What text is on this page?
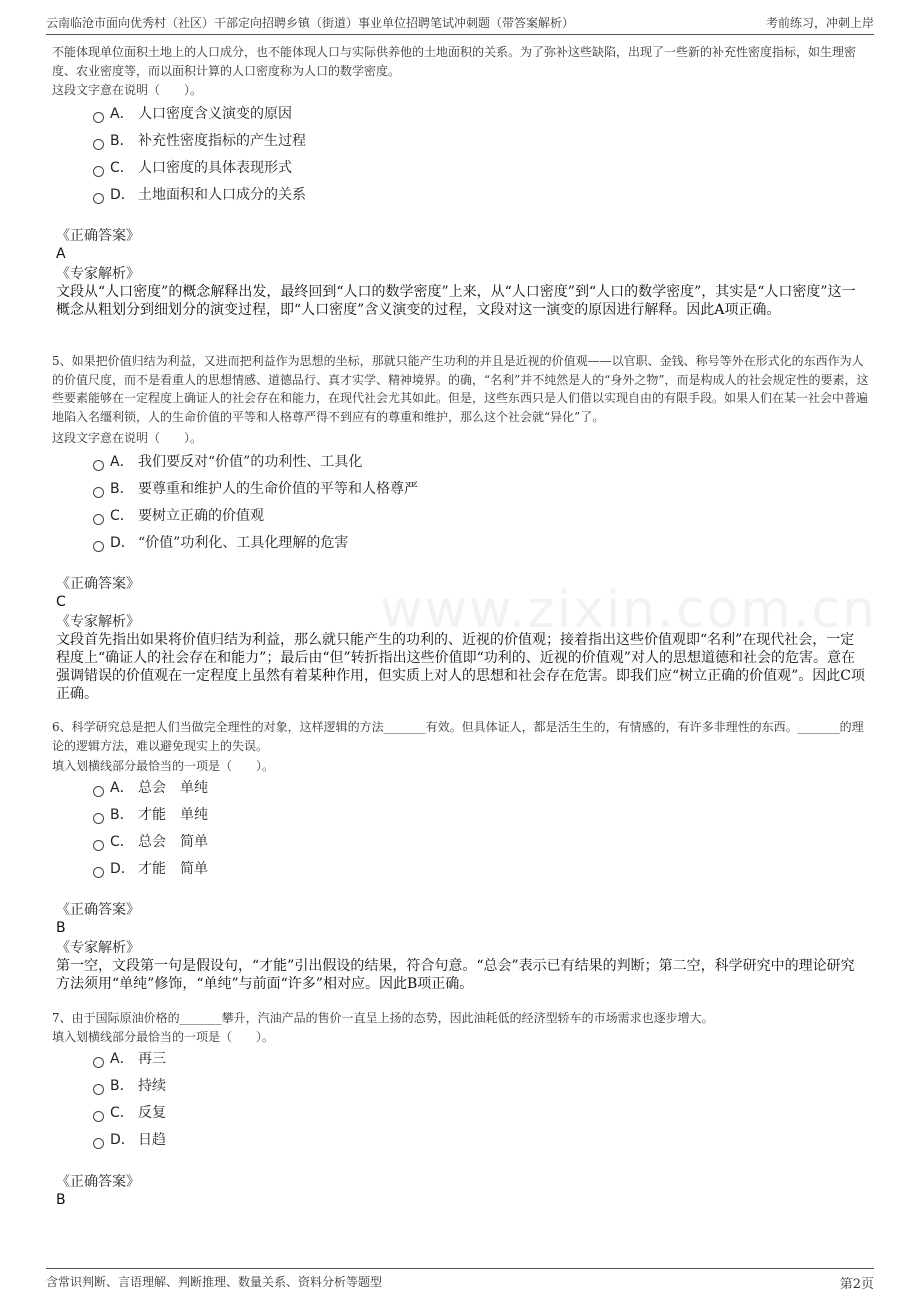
云南临沧市面向优秀村（社区）干部定向招聘乡镇（街道）事业单位招聘笔试冲刺题（带答案解析）	考前练习，冲刺上岸
www.zixin.com.cn
不能体现单位面积土地上的人口成分，也不能体现人口与实际供养他的土地面积的关系。为了弥补这些缺陷，出现了一些新的补充性密度指标，如生理密度、农业密度等，而以面积计算的人口密度称为人口的数学密度。
这段文字意在说明（　　）。
A． 人口密度含义演变的原因
B． 补充性密度指标的产生过程
C． 人口密度的具体表现形式
D． 土地面积和人口成分的关系
《正确答案》
A
《专家解析》
文段从“人口密度”的概念解释出发，最终回到“人口的数学密度”上来，从“人口密度”到“人口的数学密度”，其实是“人口密度”这一概念从粗划分到细划分的演变过程，即“人口密度”含义演变的过程，文段对这一演变的原因进行解释。因此A项正确。
5、如果把价值归结为利益，又进而把利益作为思想的坐标，那就只能产生功利的并且是近视的价值观——以官职、金钱、称号等外在形式化的东西作为人的价值尺度，而不是看重人的思想情感、道德品行、真才实学、精神境界。的确，“名利”并不纯然是人的“身外之物”，而是构成人的社会规定性的要素，这些要素能够在一定程度上确证人的社会存在和能力，在现代社会尤其如此。但是，这些东西只是人们借以实现自由的有限手段。如果人们在某一社会中普遍地陷入名缰利锁，人的生命价值的平等和人格尊严得不到应有的尊重和维护，那么这个社会就“异化”了。
这段文字意在说明（　　）。
A． 我们要反对“价值”的功利性、工具化
B． 要尊重和维护人的生命价值的平等和人格尊严
C． 要树立正确的价值观
D． “价值”功利化、工具化理解的危害
《正确答案》
C
《专家解析》
文段首先指出如果将价值归结为利益，那么就只能产生的功利的、近视的价值观；接着指出这些价值观即“名利”在现代社会，一定程度上“确证人的社会存在和能力”；最后由“但”转折指出这些价值即“功利的、近视的价值观”对人的思想道德和社会的危害。意在强调错误的价值观在一定程度上虽然有着某种作用，但实质上对人的思想和社会存在危害。即我们应“树立正确的价值观”。因此C项正确。
6、科学研究总是把人们当做完全理性的对象，这样逻辑的方法_______有效。但具体证人，都是活生生的，有情感的，有许多非理性的东西。_______的理论的逻辑方法，难以避免现实上的失误。
填入划横线部分最恰当的一项是（　　）。
A． 总会　单纯
B． 才能　单纯
C． 总会　简单
D． 才能　简单
《正确答案》
B
《专家解析》
第一空，文段第一句是假设句，“才能”引出假设的结果，符合句意。“总会”表示已有结果的判断；第二空，科学研究中的理论研究方法须用“单纯”修饰，“单纯”与前面“许多”相对应。因此B项正确。
7、由于国际原油价格的_______攀升，汽油产品的售价一直呈上扬的态势，因此油耗低的经济型轿车的市场需求也逐步增大。
填入划横线部分最恰当的一项是（　　）。
A． 再三
B． 持续
C． 反复
D． 日趋
《正确答案》
B
含常识判断、言语理解、判断推理、数量关系、资料分析等题型	第2页
